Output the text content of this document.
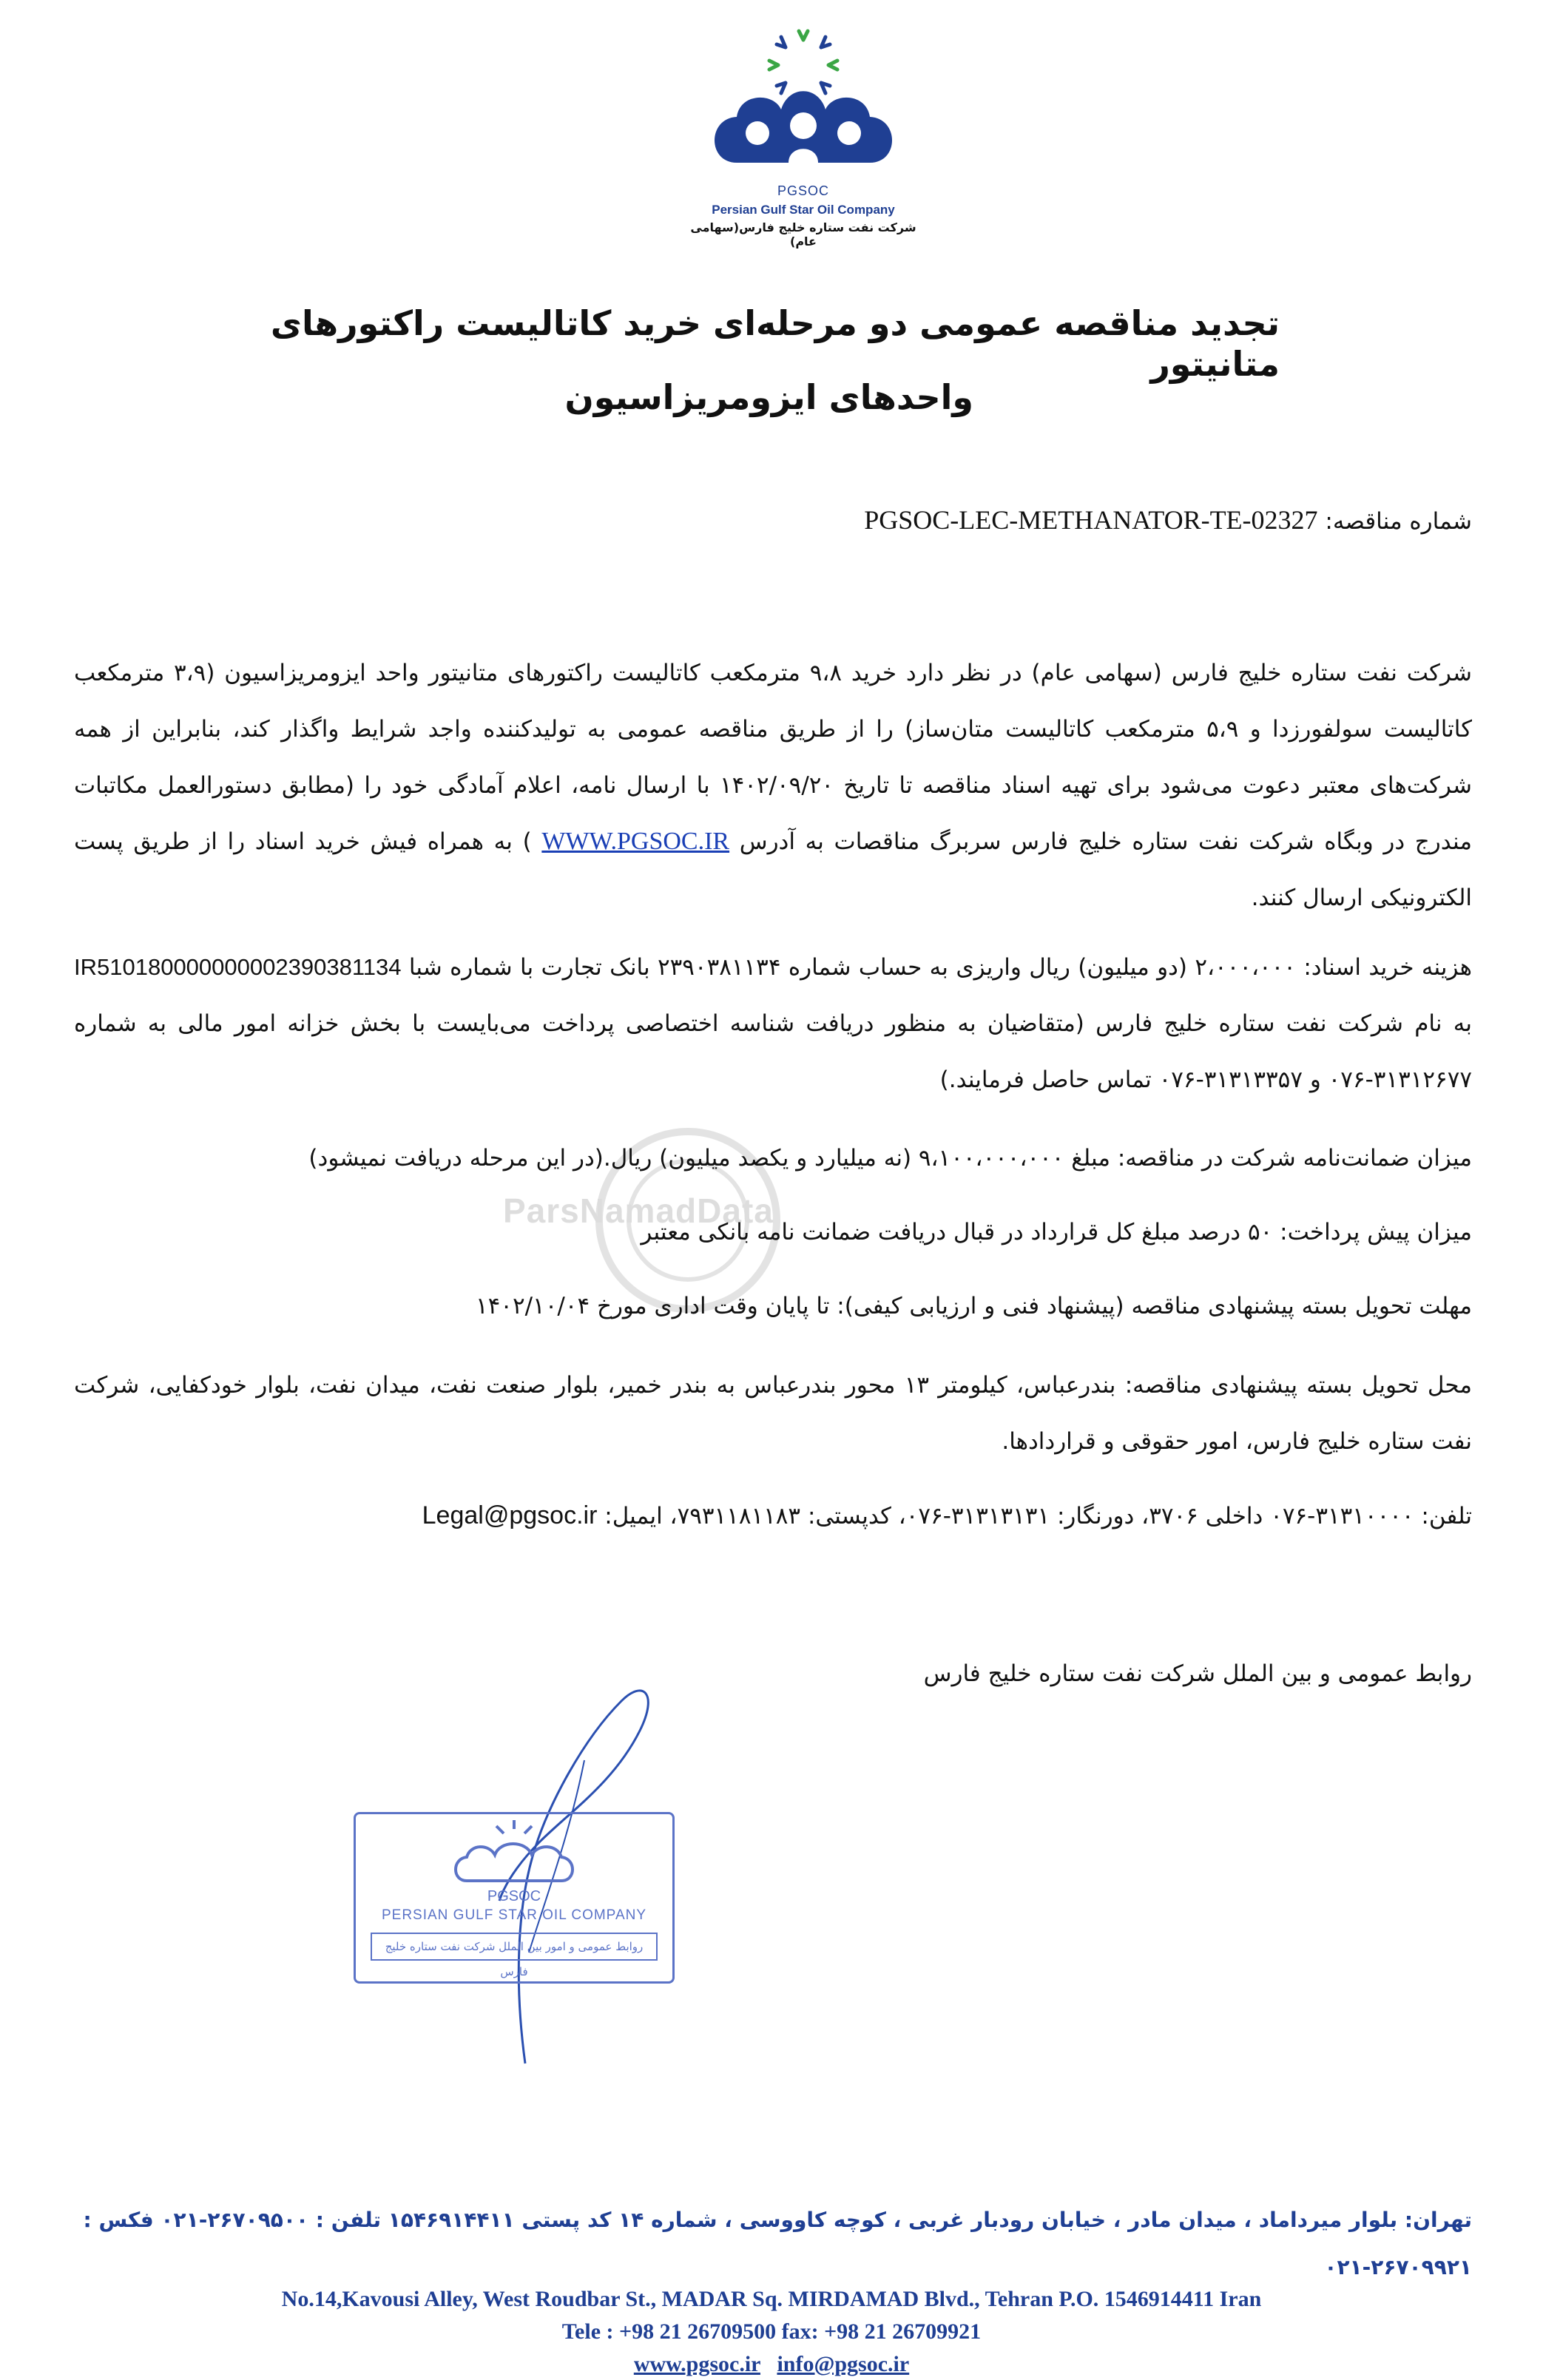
PGSOC
Persian Gulf Star Oil Company
شرکت نفت ستاره خلیج فارس(سهامی عام)
تجدید مناقصه عمومی دو مرحله‌ای خرید کاتالیست راکتورهای متانیتور
واحدهای ایزومریزاسیون
شماره مناقصه: PGSOC-LEC-METHANATOR-TE-02327
شرکت نفت ستاره خلیج فارس (سهامی عام) در نظر دارد خرید ۹،۸ مترمکعب کاتالیست راکتورهای متانیتور واحد ایزومریزاسیون (۳،۹ مترمکعب کاتالیست سولفورزدا و ۵،۹ مترمکعب کاتالیست متان‌ساز) را از طریق مناقصه عمومی به تولیدکننده واجد شرایط واگذار کند، بنابراین از همه شرکت‌های معتبر دعوت می‌شود برای تهیه اسناد مناقصه تا تاریخ ۱۴۰۲/۰۹/۲۰ با ارسال نامه، اعلام آمادگی خود را (مطابق دستورالعمل مکاتبات مندرج در وبگاه شرکت نفت ستاره خلیج فارس سربرگ مناقصات به آدرس WWW.PGSOC.IR ) به همراه فیش خرید اسناد را از طریق پست الکترونیکی ارسال کنند.
هزینه خرید اسناد: ۲،۰۰۰،۰۰۰ (دو میلیون) ریال واریزی به حساب شماره ۲۳۹۰۳۸۱۱۳۴ بانک تجارت با شماره شبا IR510180000000002390381134 به نام شرکت نفت ستاره خلیج فارس (متقاضیان به منظور دریافت شناسه اختصاصی پرداخت می‌بایست با بخش خزانه امور مالی به شماره ۳۱۳۱۲۶۷۷-۰۷۶ و ۳۱۳۱۳۳۵۷-۰۷۶ تماس حاصل فرمایند.)
ParsNamadData
میزان ضمانت‌نامه شرکت در مناقصه: مبلغ ۹،۱۰۰،۰۰۰،۰۰۰ (نه میلیارد و یکصد میلیون) ریال.(در این مرحله دریافت نمیشود)
میزان پیش پرداخت: ۵۰ درصد مبلغ کل قرارداد در قبال دریافت ضمانت نامه بانکی معتبر
مهلت تحویل بسته پیشنهادی مناقصه (پیشنهاد فنی و ارزیابی کیفی): تا پایان وقت اداری مورخ ۱۴۰۲/۱۰/۰۴
محل تحویل بسته پیشنهادی مناقصه: بندرعباس، کیلومتر ۱۳ محور بندرعباس به بندر خمیر، بلوار صنعت نفت، میدان نفت، بلوار خودکفایی، شرکت نفت ستاره خلیج فارس، امور حقوقی و قراردادها.
تلفن: ۳۱۳۱۰۰۰۰-۰۷۶ داخلی ۳۷۰۶، دورنگار: ۳۱۳۱۳۱۳۱-۰۷۶، کدپستی: ۷۹۳۱۱۸۱۱۸۳، ایمیل: Legal@pgsoc.ir
روابط عمومی و بین الملل شرکت نفت ستاره خلیج فارس
PGSOC
PERSIAN GULF STAR OIL COMPANY
روابط عمومی و امور بین الملل شرکت نفت ستاره خلیج فارس
تهران: بلوار میرداماد ، میدان مادر ، خیابان رودبار غربی ، کوچه کاووسی ، شماره ۱۴ کد پستی ۱۵۴۶۹۱۴۴۱۱ تلفن : ۲۶۷۰۹۵۰۰-۰۲۱ فکس : ۲۶۷۰۹۹۲۱-۰۲۱
No.14,Kavousi Alley, West Roudbar St., MADAR Sq. MIRDAMAD Blvd., Tehran P.O. 1546914411 Iran
Tele : +98 21 26709500 fax: +98 21 26709921
www.pgsoc.ir info@pgsoc.ir
